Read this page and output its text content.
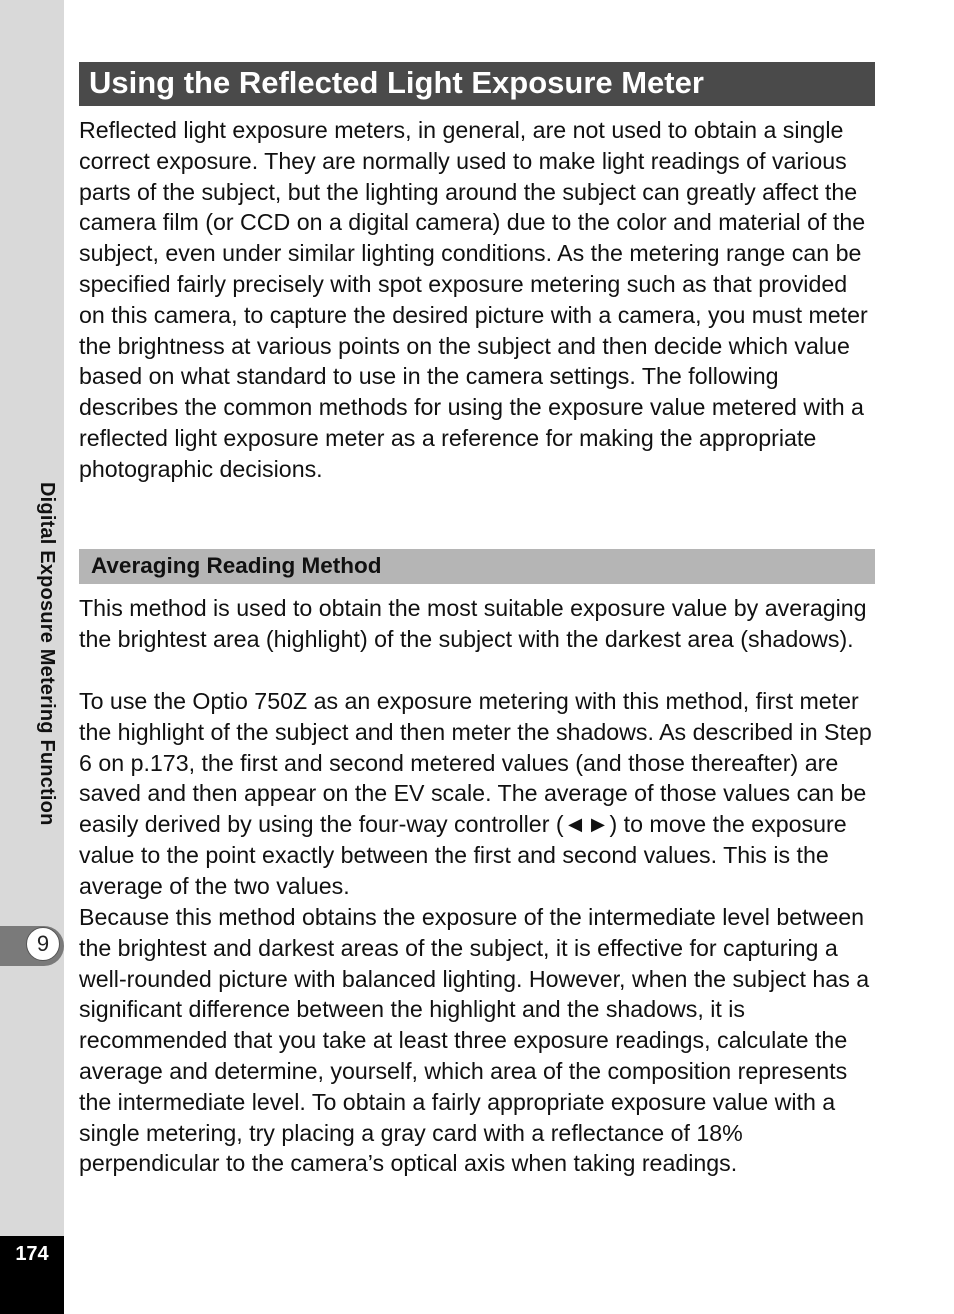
Digital Exposure Metering Function
9
174
Using the Reflected Light Exposure Meter

Reflected light exposure meters, in general, are not used to obtain a single correct exposure. They are normally used to make light readings of various parts of the subject, but the lighting around the subject can greatly affect the camera film (or CCD on a digital camera) due to the color and material of the subject, even under similar lighting conditions. As the metering range can be specified fairly precisely with spot exposure metering such as that provided on this camera, to capture the desired picture with a camera, you must meter the brightness at various points on the subject and then decide which value based on what standard to use in the camera settings. The following describes the common methods for using the exposure value metered with a reflected light exposure meter as a reference for making the appropriate photographic decisions.

Averaging Reading Method

This method is used to obtain the most suitable exposure value by averaging the brightest area (highlight) of the subject with the darkest area (shadows).

To use the Optio 750Z as an exposure metering with this method, first meter the highlight of the subject and then meter the shadows. As described in Step 6 on p.173, the first and second metered values (and those thereafter) are saved and then appear on the EV scale. The average of those values can be easily derived by using the four-way controller (◄►) to move the exposure value to the point exactly between the first and second values. This is the average of the two values.

Because this method obtains the exposure of the intermediate level between the brightest and darkest areas of the subject, it is effective for capturing a well-rounded picture with balanced lighting. However, when the subject has a significant difference between the highlight and the shadows, it is recommended that you take at least three exposure readings, calculate the average and determine, yourself, which area of the composition represents the intermediate level. To obtain a fairly appropriate exposure value with a single metering, try placing a gray card with a reflectance of 18% perpendicular to the camera’s optical axis when taking readings.
